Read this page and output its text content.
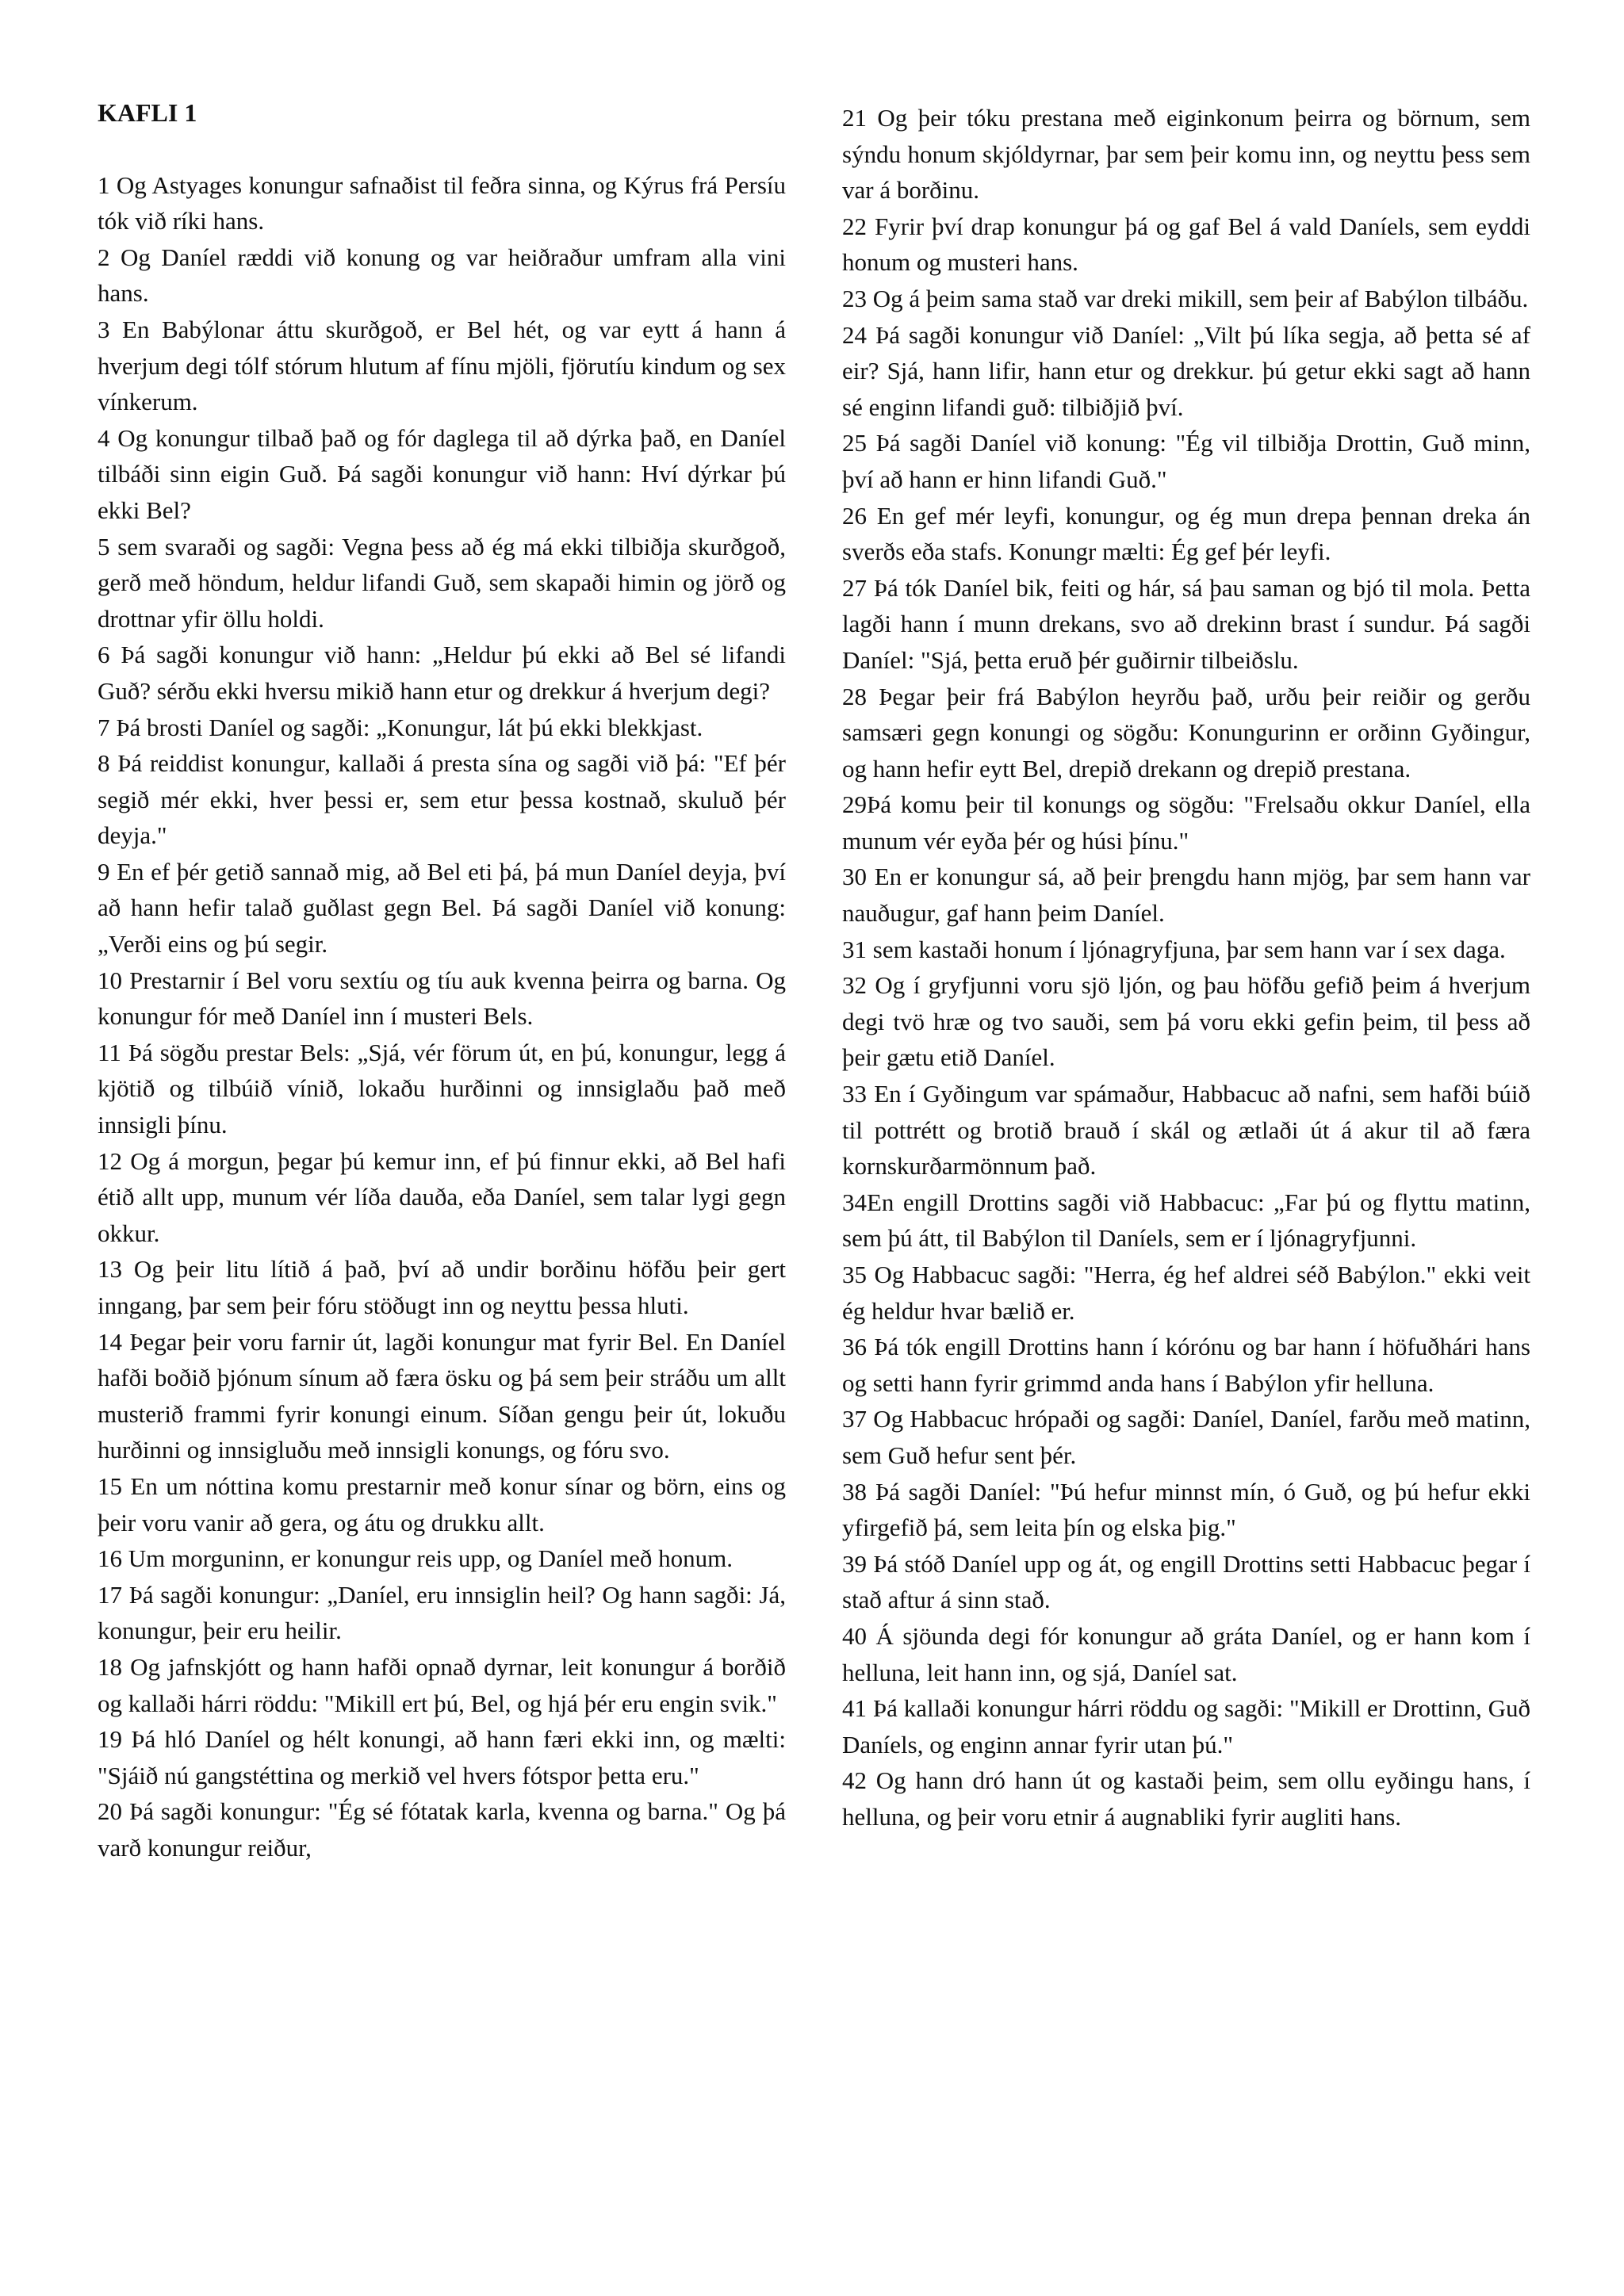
KAFLI 1

1 Og Astyages konungur safnaðist til feðra sinna, og Kýrus frá Persíu tók við ríki hans.

2 Og Daníel ræddi við konung og var heiðraður umfram alla vini hans.

3 En Babýlonar áttu skurðgoð, er Bel hét, og var eytt á hann á hverjum degi tólf stórum hlutum af fínu mjöli, fjörutíu kindum og sex vínkerum.

4 Og konungur tilbað það og fór daglega til að dýrka það, en Daníel tilbáði sinn eigin Guð. Þá sagði konungur við hann: Hví dýrkar þú ekki Bel?

5 sem svaraði og sagði: Vegna þess að ég má ekki tilbiðja skurðgoð, gerð með höndum, heldur lifandi Guð, sem skapaði himin og jörð og drottnar yfir öllu holdi.

6 Þá sagði konungur við hann: „Heldur þú ekki að Bel sé lifandi Guð? sérðu ekki hversu mikið hann etur og drekkur á hverjum degi?

7 Þá brosti Daníel og sagði: „Konungur, lát þú ekki blekkjast.

8 Þá reiddist konungur, kallaði á presta sína og sagði við þá: "Ef þér segið mér ekki, hver þessi er, sem etur þessa kostnað, skuluð þér deyja."

9 En ef þér getið sannað mig, að Bel eti þá, þá mun Daníel deyja, því að hann hefir talað guðlast gegn Bel. Þá sagði Daníel við konung: „Verði eins og þú segir.

10 Prestarnir í Bel voru sextíu og tíu auk kvenna þeirra og barna. Og konungur fór með Daníel inn í musteri Bels.

11 Þá sögðu prestar Bels: „Sjá, vér förum út, en þú, konungur, legg á kjötið og tilbúið vínið, lokaðu hurðinni og innsiglaðu það með innsigli þínu.

12 Og á morgun, þegar þú kemur inn, ef þú finnur ekki, að Bel hafi étið allt upp, munum vér líða dauða, eða Daníel, sem talar lygi gegn okkur.

13 Og þeir litu lítið á það, því að undir borðinu höfðu þeir gert inngang, þar sem þeir fóru stöðugt inn og neyttu þessa hluti.

14 Þegar þeir voru farnir út, lagði konungur mat fyrir Bel. En Daníel hafði boðið þjónum sínum að færa ösku og þá sem þeir stráðu um allt musterið frammi fyrir konungi einum. Síðan gengu þeir út, lokuðu hurðinni og innsigluðu með innsigli konungs, og fóru svo.

15 En um nóttina komu prestarnir með konur sínar og börn, eins og þeir voru vanir að gera, og átu og drukku allt.

16 Um morguninn, er konungur reis upp, og Daníel með honum.

17 Þá sagði konungur: „Daníel, eru innsiglin heil? Og hann sagði: Já, konungur, þeir eru heilir.

18 Og jafnskjótt og hann hafði opnað dyrnar, leit konungur á borðið og kallaði hárri röddu: "Mikill ert þú, Bel, og hjá þér eru engin svik."

19 Þá hló Daníel og hélt konungi, að hann færi ekki inn, og mælti: "Sjáið nú gangstéttina og merkið vel hvers fótspor þetta eru."

20 Þá sagði konungur: "Ég sé fótatak karla, kvenna og barna." Og þá varð konungur reiður,

21 Og þeir tóku prestana með eiginkonum þeirra og börnum, sem sýndu honum skjóldyrnar, þar sem þeir komu inn, og neyttu þess sem var á borðinu.

22 Fyrir því drap konungur þá og gaf Bel á vald Daníels, sem eyddi honum og musteri hans.

23 Og á þeim sama stað var dreki mikill, sem þeir af Babýlon tilbáðu.

24 Þá sagði konungur við Daníel: „Vilt þú líka segja, að þetta sé af eir? Sjá, hann lifir, hann etur og drekkur. þú getur ekki sagt að hann sé enginn lifandi guð: tilbiðjið því.

25 Þá sagði Daníel við konung: "Ég vil tilbiðja Drottin, Guð minn, því að hann er hinn lifandi Guð."

26 En gef mér leyfi, konungur, og ég mun drepa þennan dreka án sverðs eða stafs. Konungr mælti: Ég gef þér leyfi.

27 Þá tók Daníel bik, feiti og hár, sá þau saman og bjó til mola. Þetta lagði hann í munn drekans, svo að drekinn brast í sundur. Þá sagði Daníel: "Sjá, þetta eruð þér guðirnir tilbeiðslu.

28 Þegar þeir frá Babýlon heyrðu það, urðu þeir reiðir og gerðu samsæri gegn konungi og sögðu: Konungurinn er orðinn Gyðingur, og hann hefir eytt Bel, drepið drekann og drepið prestana.

29Þá komu þeir til konungs og sögðu: "Frelsaðu okkur Daníel, ella munum vér eyða þér og húsi þínu."

30 En er konungur sá, að þeir þrengdu hann mjög, þar sem hann var nauðugur, gaf hann þeim Daníel.

31 sem kastaði honum í ljónagryfjuna, þar sem hann var í sex daga.

32 Og í gryfjunni voru sjö ljón, og þau höfðu gefið þeim á hverjum degi tvö hræ og tvo sauði, sem þá voru ekki gefin þeim, til þess að þeir gætu etið Daníel.

33 En í Gyðingum var spámaður, Habbacuc að nafni, sem hafði búið til pottrétt og brotið brauð í skál og ætlaði út á akur til að færa kornskurðarmönnum það.

34En engill Drottins sagði við Habbacuc: „Far þú og flyttu matinn, sem þú átt, til Babýlon til Daníels, sem er í ljónagryfjunni.

35 Og Habbacuc sagði: "Herra, ég hef aldrei séð Babýlon." ekki veit ég heldur hvar bælið er.

36 Þá tók engill Drottins hann í kórónu og bar hann í höfuðhári hans og setti hann fyrir grimmd anda hans í Babýlon yfir helluna.

37 Og Habbacuc hrópaði og sagði: Daníel, Daníel, farðu með matinn, sem Guð hefur sent þér.

38 Þá sagði Daníel: "Þú hefur minnst mín, ó Guð, og þú hefur ekki yfirgefið þá, sem leita þín og elska þig."

39 Þá stóð Daníel upp og át, og engill Drottins setti Habbacuc þegar í stað aftur á sinn stað.

40 Á sjöunda degi fór konungur að gráta Daníel, og er hann kom í helluna, leit hann inn, og sjá, Daníel sat.

41 Þá kallaði konungur hárri röddu og sagði: "Mikill er Drottinn, Guð Daníels, og enginn annar fyrir utan þú."

42 Og hann dró hann út og kastaði þeim, sem ollu eyðingu hans, í helluna, og þeir voru etnir á augnabliki fyrir augliti hans.
